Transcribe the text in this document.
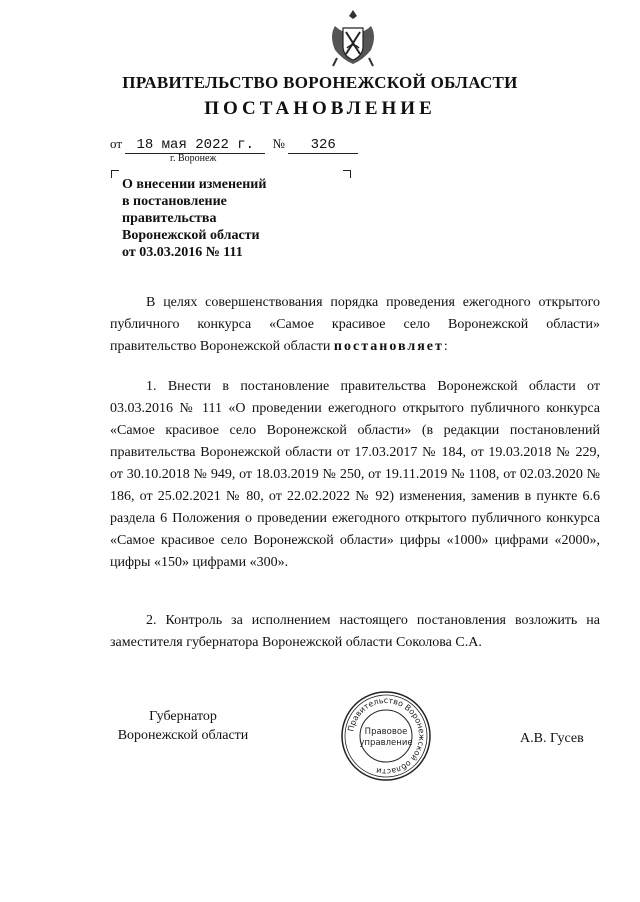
ПРАВИТЕЛЬСТВО ВОРОНЕЖСКОЙ ОБЛАСТИ
ПОСТАНОВЛЕНИЕ
от 18 мая 2022 г. № 326
г. Воронеж
О внесении изменений
в постановление
правительства
Воронежской области
от 03.03.2016 № 111
В целях совершенствования порядка проведения ежегодного открытого публичного конкурса «Самое красивое село Воронежской области» правительство Воронежской области постановляет:
1. Внести в постановление правительства Воронежской области от 03.03.2016 № 111 «О проведении ежегодного открытого публичного конкурса «Самое красивое село Воронежской области» (в редакции постановлений правительства Воронежской области от 17.03.2017 № 184, от 19.03.2018 № 229, от 30.10.2018 № 949, от 18.03.2019 № 250, от 19.11.2019 № 1108, от 02.03.2020 № 186, от 25.02.2021 № 80, от 22.02.2022 № 92) изменения, заменив в пункте 6.6 раздела 6 Положения о проведении ежегодного открытого публичного конкурса «Самое красивое село Воронежской области» цифры «1000» цифрами «2000», цифры «150» цифрами «300».
2. Контроль за исполнением настоящего постановления возложить на заместителя губернатора Воронежской области Соколова С.А.
Губернатор
Воронежской области	Правительство Воронежской области
Правовое
управление	А.В. Гусев
